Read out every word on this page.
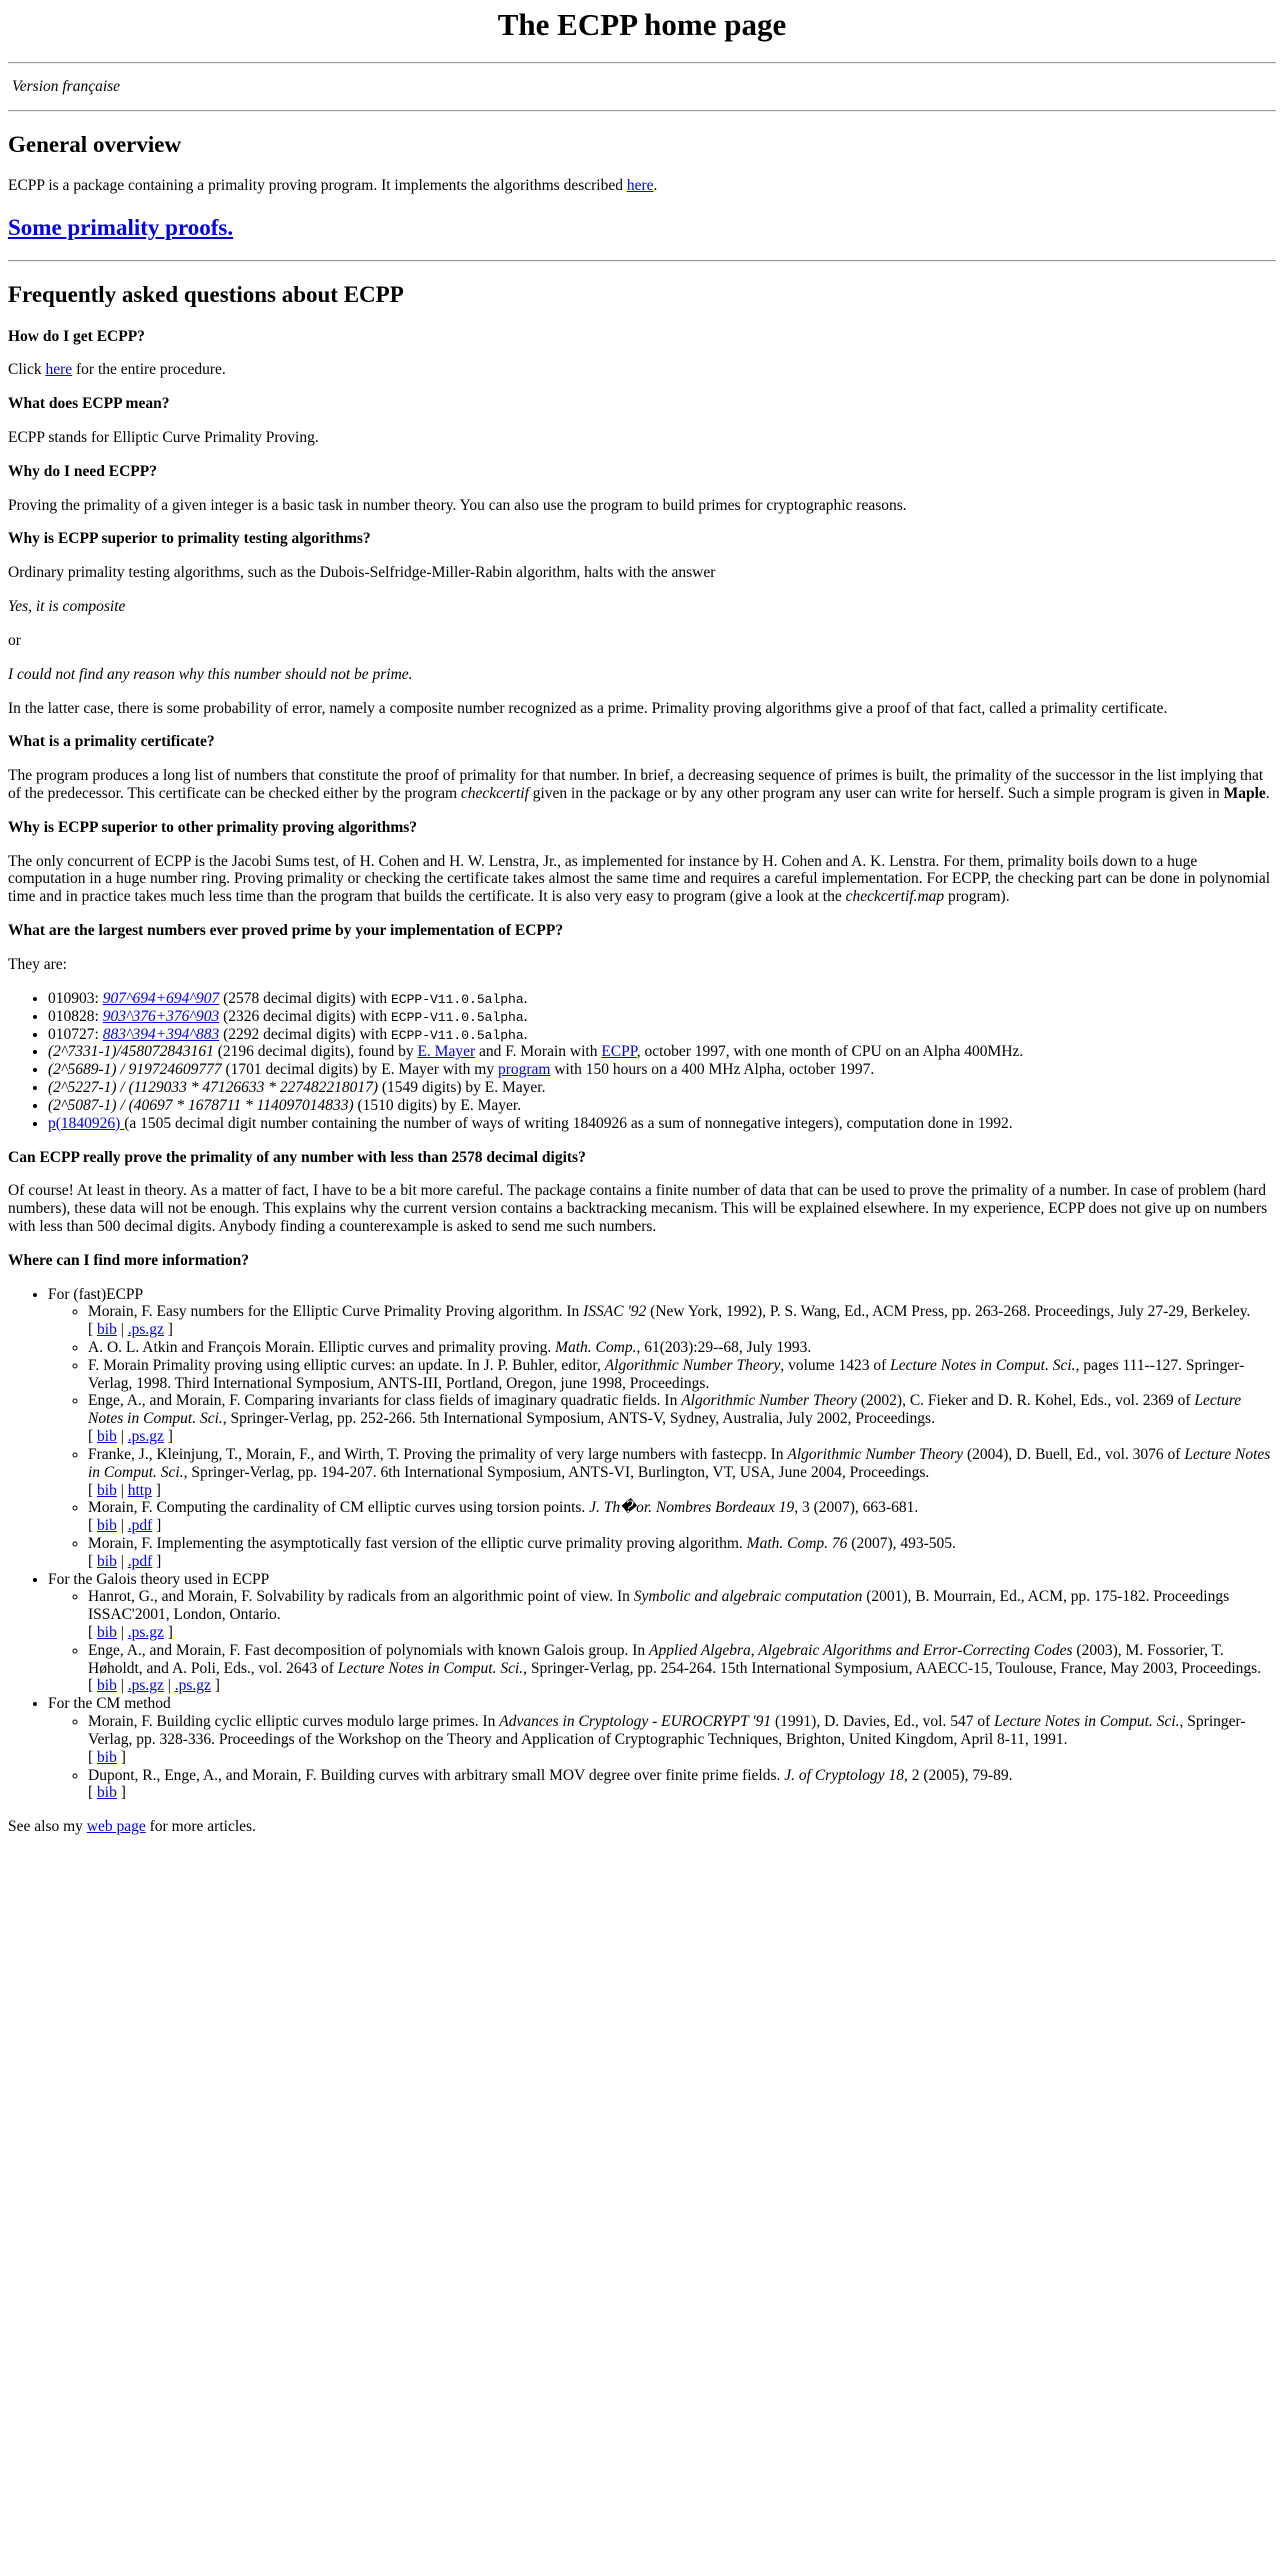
The ECPP home page
Version française
General overview

ECPP is a package containing a primality proving program. It implements the algorithms described here.

Some primality proofs.
Frequently asked questions about ECPP

How do I get ECPP?

Click here for the entire procedure.

What does ECPP mean?

ECPP stands for Elliptic Curve Primality Proving.

Why do I need ECPP?

Proving the primality of a given integer is a basic task in number theory. You can also use the program to build primes for cryptographic reasons.

Why is ECPP superior to primality testing algorithms?

Ordinary primality testing algorithms, such as the Dubois-Selfridge-Miller-Rabin algorithm, halts with the answer

Yes, it is composite

or

I could not find any reason why this number should not be prime.

In the latter case, there is some probability of error, namely a composite number recognized as a prime. Primality proving algorithms give a proof of that fact, called a primality certificate.

What is a primality certificate?

The program produces a long list of numbers that constitute the proof of primality for that number. In brief, a decreasing sequence of primes is built, the primality of the successor in the list implying that of the predecessor. This certificate can be checked either by the program checkcertif given in the package or by any other program any user can write for herself. Such a simple program is given in Maple.

Why is ECPP superior to other primality proving algorithms?

The only concurrent of ECPP is the Jacobi Sums test, of H. Cohen and H. W. Lenstra, Jr., as implemented for instance by H. Cohen and A. K. Lenstra. For them, primality boils down to a huge computation in a huge number ring. Proving primality or checking the certificate takes almost the same time and requires a careful implementation. For ECPP, the checking part can be done in polynomial time and in practice takes much less time than the program that builds the certificate. It is also very easy to program (give a look at the checkcertif.map program).

What are the largest numbers ever proved prime by your implementation of ECPP?

They are:

• 010903: 907^694+694^907 (2578 decimal digits) with ECPP-V11.0.5alpha.
• 010828: 903^376+376^903 (2326 decimal digits) with ECPP-V11.0.5alpha.
• 010727: 883^394+394^883 (2292 decimal digits) with ECPP-V11.0.5alpha.
• (2^7331-1)/458072843161 (2196 decimal digits), found by E. Mayer and F. Morain with ECPP, october 1997, with one month of CPU on an Alpha 400MHz.
• (2^5689-1) / 919724609777 (1701 decimal digits) by E. Mayer with my program with 150 hours on a 400 MHz Alpha, october 1997.
• (2^5227-1) / (1129033 * 47126633 * 227482218017) (1549 digits) by E. Mayer.
• (2^5087-1) / (40697 * 1678711 * 114097014833) (1510 digits) by E. Mayer.
• p(1840926) (a 1505 decimal digit number containing the number of ways of writing 1840926 as a sum of nonnegative integers), computation done in 1992.

Can ECPP really prove the primality of any number with less than 2578 decimal digits?

Of course! At least in theory. As a matter of fact, I have to be a bit more careful. The package contains a finite number of data that can be used to prove the primality of a number. In case of problem (hard numbers), these data will not be enough. This explains why the current version contains a backtracking mecanism. This will be explained elsewhere. In my experience, ECPP does not give up on numbers with less than 500 decimal digits. Anybody finding a counterexample is asked to send me such numbers.

Where can I find more information?

• For (fast)ECPP
◦ Morain, F. Easy numbers for the Elliptic Curve Primality Proving algorithm. In ISSAC '92 (New York, 1992), P. S. Wang, Ed., ACM Press, pp. 263-268. Proceedings, July 27-29, Berkeley.
[ bib | .ps.gz ]
◦ A. O. L. Atkin and François Morain. Elliptic curves and primality proving. Math. Comp., 61(203):29--68, July 1993.
◦ F. Morain Primality proving using elliptic curves: an update. In J. P. Buhler, editor, Algorithmic Number Theory, volume 1423 of Lecture Notes in Comput. Sci., pages 111--127. Springer-Verlag, 1998. Third International Symposium, ANTS-III, Portland, Oregon, june 1998, Proceedings.
◦ Enge, A., and Morain, F. Comparing invariants for class fields of imaginary quadratic fields. In Algorithmic Number Theory (2002), C. Fieker and D. R. Kohel, Eds., vol. 2369 of Lecture Notes in Comput. Sci., Springer-Verlag, pp. 252-266. 5th International Symposium, ANTS-V, Sydney, Australia, July 2002, Proceedings.
[ bib | .ps.gz ]
◦ Franke, J., Kleinjung, T., Morain, F., and Wirth, T. Proving the primality of very large numbers with fastecpp. In Algorithmic Number Theory (2004), D. Buell, Ed., vol. 3076 of Lecture Notes in Comput. Sci., Springer-Verlag, pp. 194-207. 6th International Symposium, ANTS-VI, Burlington, VT, USA, June 2004, Proceedings.
[ bib | http ]
◦ Morain, F. Computing the cardinality of CM elliptic curves using torsion points. J. Th�or. Nombres Bordeaux 19, 3 (2007), 663-681.
[ bib | .pdf ]
◦ Morain, F. Implementing the asymptotically fast version of the elliptic curve primality proving algorithm. Math. Comp. 76 (2007), 493-505.
[ bib | .pdf ]
• For the Galois theory used in ECPP
◦ Hanrot, G., and Morain, F. Solvability by radicals from an algorithmic point of view. In Symbolic and algebraic computation (2001), B. Mourrain, Ed., ACM, pp. 175-182. Proceedings ISSAC'2001, London, Ontario.
[ bib | .ps.gz ]
◦ Enge, A., and Morain, F. Fast decomposition of polynomials with known Galois group. In Applied Algebra, Algebraic Algorithms and Error-Correcting Codes (2003), M. Fossorier, T. Høholdt, and A. Poli, Eds., vol. 2643 of Lecture Notes in Comput. Sci., Springer-Verlag, pp. 254-264. 15th International Symposium, AAECC-15, Toulouse, France, May 2003, Proceedings.
[ bib | .ps.gz | .ps.gz ]
• For the CM method
◦ Morain, F. Building cyclic elliptic curves modulo large primes. In Advances in Cryptology - EUROCRYPT '91 (1991), D. Davies, Ed., vol. 547 of Lecture Notes in Comput. Sci., Springer-Verlag, pp. 328-336. Proceedings of the Workshop on the Theory and Application of Cryptographic Techniques, Brighton, United Kingdom, April 8-11, 1991.
[ bib ]
◦ Dupont, R., Enge, A., and Morain, F. Building curves with arbitrary small MOV degree over finite prime fields. J. of Cryptology 18, 2 (2005), 79-89.
[ bib ]

See also my web page for more articles.
